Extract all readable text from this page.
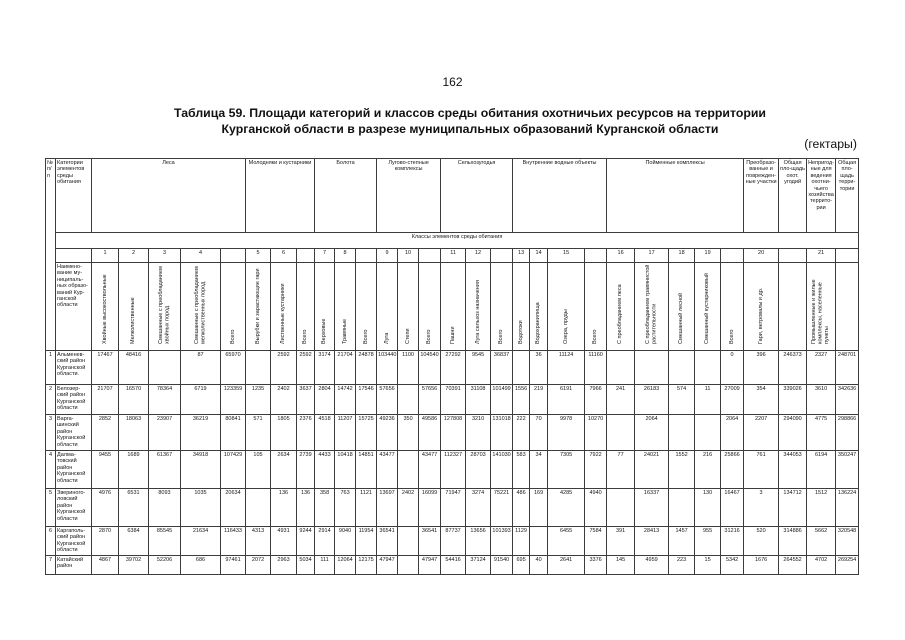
162
Таблица 59. Площади категорий и классов среды обитания охотничьих ресурсов на территории
Курганской области в разрезе муниципальных образований Курганской области
(гектары)
№ п/п	Категории элементов среды обитания	Леса					Молодняки и кустарники			Болота			Лугово-степные комплексы			Сельхозугодья			Внутренние водные объекты				Пойменные комплексы					Преобразо-ванные и поврежден-ные участки	Общая пло-щадь охот. угодий	Непригод-ные для ведения охотни-чьего хозяйства террито-рии	Общая пло-щадь терри-тории
	Классы элементов среды обитания																														
		1	2	3	4		5	6		7	8		9	10		11	12		13	14	15		16	17	18	19		20		21	
	Наимено-вание му-ниципаль-ных образо-ваний Кур-ганской области	Хвойные высокоствольные	Мелколиственные	Смешанные с преобладанием хвойных пород	Смешанные с преобладанием мелколиственных пород	Всего	Вырубки и зарастающие гари	Лиственные кустарники	Всего	Верховые	Травяные	Всего	Луга	Степи	Всего	Пашни	Луга сельхоз назначения	Всего	Водотоки	Водохранилища	Озера, пруды	Всего	С преобладанием леса	С преобладанием травянистой растительности	Смешанный лесной	Смешанный кустарниковый	Всего	Гари, ветровалы и др.		Промышленные и жилые комплексы, населенные пункты	
1	Альменев-ский район Курганской области.	17467	48416		87	65970		2592	2592	3174	21704	24878	103440	1100	104540	27292	9545	36837		36	11124	11160					0	396	246373	2327	248701
2	Белозер-ский район Курганской области	21707	16570	78364	6719	123359	1235	2402	3637	2804	14742	17546	57656		57656	70391	31108	101499	1556	219	6191	7966	241	26183	574	11	27009	354	339026	3610	342636
3	Варга-шинский район Курганской области	2852	18063	23907	36219	80841	571	1805	2376	4518	11207	15725	49236	350	49586	127808	3210	131018	222	70	9978	10270		2064			2064	2207	294090	4775	298866
4	Далма-товский район Курганской области	9455	1689	61367	34918	107429	105	2634	2739	4433	10418	14851	43477		43477	112327	28703	141030	583	34	7305	7922	77	24021	1552	216	25866	761	344053	6194	350247
5	Звериного-ловский район Курганской области	4976	6531	8093	1035	20634		136	136	358	763	1121	13697	2402	16099	71947	3274	75221	486	169	4285	4940		16337		130	16467	3	134712	1512	136224
6	Каргаполь-ский район Курганской области	2870	6384	85545	21634	116433	4313	4931	9244	2914	9040	11954	36541		36541	87737	13656	101393	1129		6455	7584	391	28413	1457	955	31216	520	314886	5662	320548
7	Катайский район	4867	39702	52206	686	97461	2072	2963	5034	111	12064	12175	47947		47947	54416	37124	91540	695	40	2641	3376	145	4959	223	15	5342	1676	264552	4702	269254
